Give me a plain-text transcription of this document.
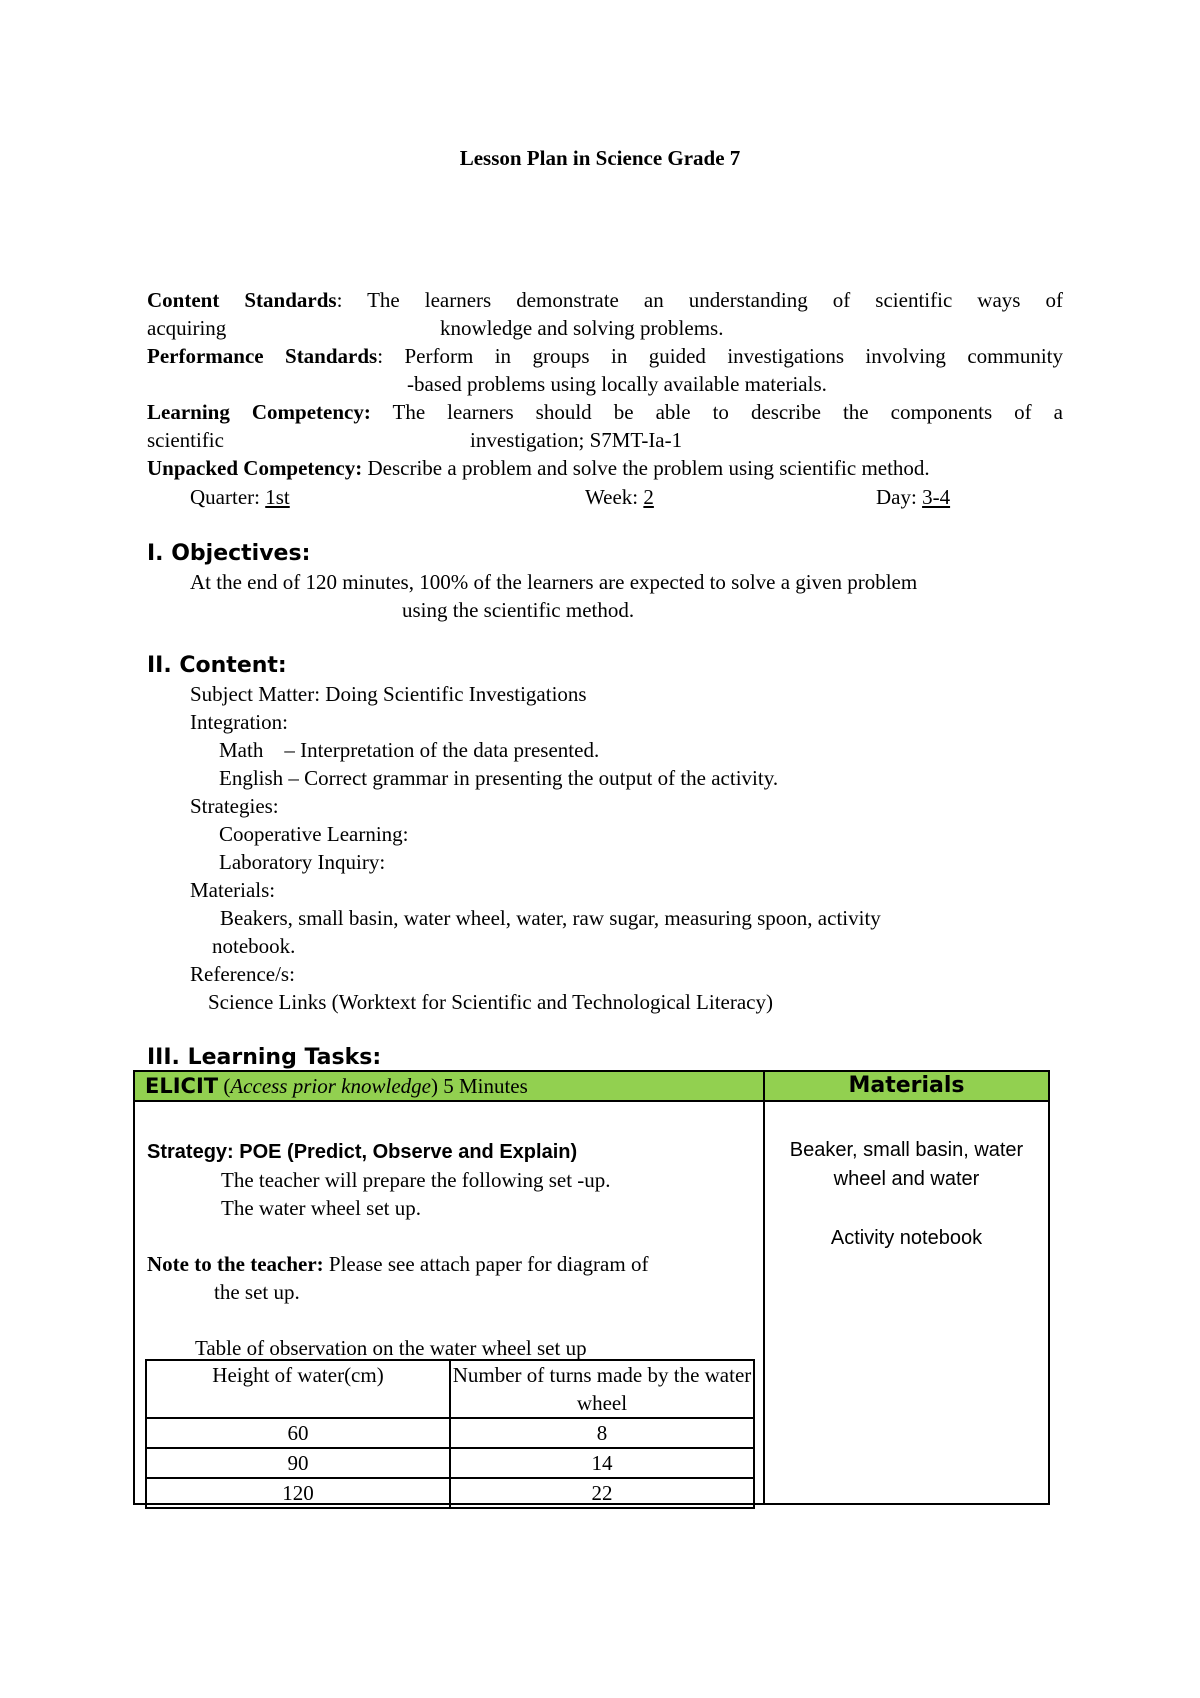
Lesson Plan in Science Grade 7
Content Standards: The learners demonstrate an understanding of scientific ways of
acquiring	knowledge and solving problems.
Performance Standards: Perform in groups in guided investigations involving community
-based problems using locally available materials.
Learning Competency: The learners should be able to describe the components of a
scientific	investigation; S7MT-Ia-1
Unpacked Competency: Describe a problem and solve the problem using scientific method.
Quarter: 1st	Week: 2	Day: 3-4
I. Objectives:
At the end of 120 minutes, 100% of the learners are expected to solve a given problem
using the scientific method.
II. Content:
Subject Matter: Doing Scientific Investigations
Integration:
Math    – Interpretation of the data presented.
English – Correct grammar in presenting the output of the activity.
Strategies:
Cooperative Learning:
Laboratory Inquiry:
Materials:
Beakers, small basin, water wheel, water, raw sugar, measuring spoon, activity
notebook.
Reference/s:
Science Links (Worktext for Scientific and Technological Literacy)
III. Learning Tasks:
ELICIT (Access prior knowledge) 5 Minutes	Materials
Strategy: POE (Predict, Observe and Explain)
The teacher will prepare the following set -up.
The water wheel set up.
Note to the teacher: Please see attach paper for diagram of
the set up.
Table of observation on the water wheel set up
Height of water(cm)	Number of turns made by the water wheel
60	8
90	14
120	22
Beaker, small basin, water
wheel and water
Activity notebook
